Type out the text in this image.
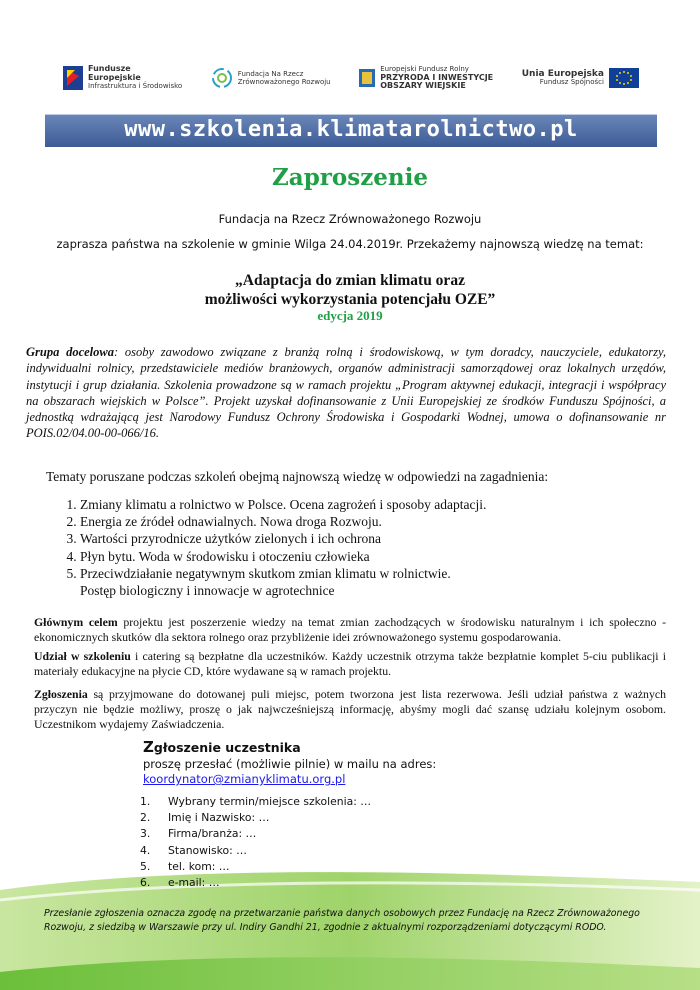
Fundusze
Europejskie
Infrastruktura i Środowisko
Fundacja Na Rzecz
Zrównoważonego Rozwoju
Europejski Fundusz Rolny
PRZYRODA I INWESTYCJE
OBSZARY WIEJSKIE
Unia Europejska
Fundusz Spójności
www.szkolenia.klimatarolnictwo.pl
Zaproszenie
Fundacja na Rzecz Zrównoważonego Rozwoju
zaprasza państwa na szkolenie w gminie Wilga 24.04.2019r. Przekażemy najnowszą wiedzę na temat:
„Adaptacja do zmian klimatu oraz
możliwości wykorzystania potencjału OZE”
edycja 2019
Grupa docelowa: osoby zawodowo związane z branżą rolną i środowiskową, w tym doradcy, nauczyciele, edukatorzy, indywidualni rolnicy, przedstawiciele mediów branżowych, organów administracji samorządowej oraz lokalnych urzędów, instytucji i grup działania. Szkolenia prowadzone są w ramach projektu „Program aktywnej edukacji, integracji i współpracy na obszarach wiejskich w Polsce”. Projekt uzyskał dofinansowanie z Unii Europejskiej ze środków Funduszu Spójności, a jednostką wdrażającą jest Narodowy Fundusz Ochrony Środowiska i Gospodarki Wodnej, umowa o dofinansowanie nr POIS.02/04.00-00-066/16.
Tematy poruszane podczas szkoleń obejmą najnowszą wiedzę w odpowiedzi na zagadnienia:
1. Zmiany klimatu a rolnictwo w Polsce. Ocena zagrożeń i sposoby adaptacji.
2. Energia ze źródeł odnawialnych. Nowa droga Rozwoju.
3. Wartości przyrodnicze użytków zielonych i ich ochrona
4. Płyn bytu. Woda w środowisku i otoczeniu człowieka
5. Przeciwdziałanie negatywnym skutkom zmian klimatu w rolnictwie.
Postęp biologiczny i innowacje w agrotechnice
Głównym celem projektu jest poszerzenie wiedzy na temat zmian zachodzących w środowisku naturalnym i ich społeczno - ekonomicznych skutków dla sektora rolnego oraz przybliżenie idei zrównoważonego systemu gospodarowania.
Udział w szkoleniu i catering są bezpłatne dla uczestników. Każdy uczestnik otrzyma także bezpłatnie komplet 5-ciu publikacji i materiały edukacyjne na płycie CD, które wydawane są w ramach projektu.
Zgłoszenia są przyjmowane do dotowanej puli miejsc, potem tworzona jest lista rezerwowa. Jeśli udział państwa z ważnych przyczyn nie będzie możliwy, proszę o jak najwcześniejszą informację, abyśmy mogli dać szansę udziału kolejnym osobom. Uczestnikom wydajemy Zaświadczenia.
Zgłoszenie uczestnika
proszę przesłać (możliwie pilnie) w mailu na adres:
koordynator@zmianyklimatu.org.pl
1.	Wybrany termin/miejsce szkolenia: …
2.	Imię i Nazwisko: …
3.	Firma/branża: …
4.	Stanowisko: …
5.	tel. kom: …
6.	e-mail: …
Przesłanie zgłoszenia oznacza zgodę na przetwarzanie państwa danych osobowych przez Fundację na Rzecz Zrównoważonego Rozwoju, z siedzibą w Warszawie przy ul. Indiry Gandhi 21, zgodnie z aktualnymi rozporządzeniami dotyczącymi RODO.
